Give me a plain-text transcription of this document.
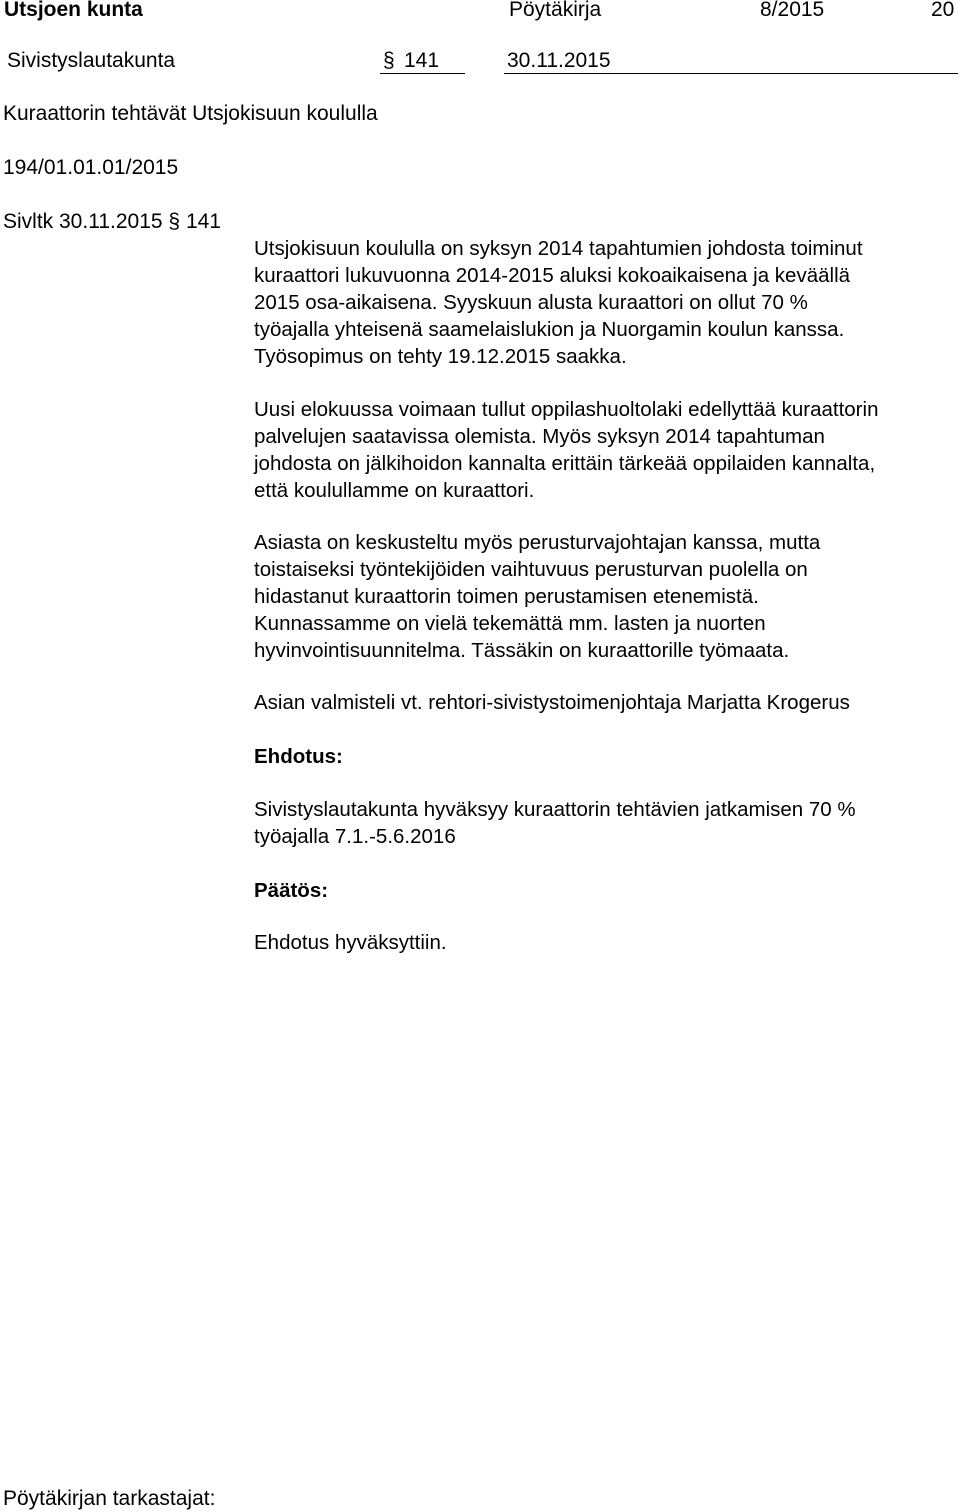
Utsjoen kunta	Pöytäkirja	8/2015	20
Sivistyslautakunta	§ 141	30.11.2015
Kuraattorin tehtävät Utsjokisuun koululla
194/01.01.01/2015
Sivltk 30.11.2015 § 141
Utsjokisuun koululla on syksyn 2014 tapahtumien johdosta toiminut
kuraattori lukuvuonna 2014-2015 aluksi kokoaikaisena ja keväällä
2015 osa-aikaisena. Syyskuun alusta kuraattori on ollut 70 %
työajalla yhteisenä saamelaislukion ja Nuorgamin koulun kanssa.
Työsopimus on tehty 19.12.2015 saakka.
Uusi elokuussa voimaan tullut oppilashuoltolaki edellyttää kuraattorin
palvelujen saatavissa olemista. Myös syksyn 2014 tapahtuman
johdosta on jälkihoidon kannalta erittäin tärkeää oppilaiden kannalta,
että koulullamme on kuraattori.
Asiasta on keskusteltu myös perusturvajohtajan kanssa, mutta
toistaiseksi työntekijöiden vaihtuvuus perusturvan puolella on
hidastanut kuraattorin toimen perustamisen etenemistä.
Kunnassamme on vielä tekemättä mm. lasten ja nuorten
hyvinvointisuunnitelma. Tässäkin on kuraattorille työmaata.
Asian valmisteli vt. rehtori-sivistystoimenjohtaja Marjatta Krogerus
Ehdotus:
Sivistyslautakunta hyväksyy kuraattorin tehtävien jatkamisen 70 %
työajalla 7.1.-5.6.2016
Päätös:
Ehdotus hyväksyttiin.
Pöytäkirjan tarkastajat:
